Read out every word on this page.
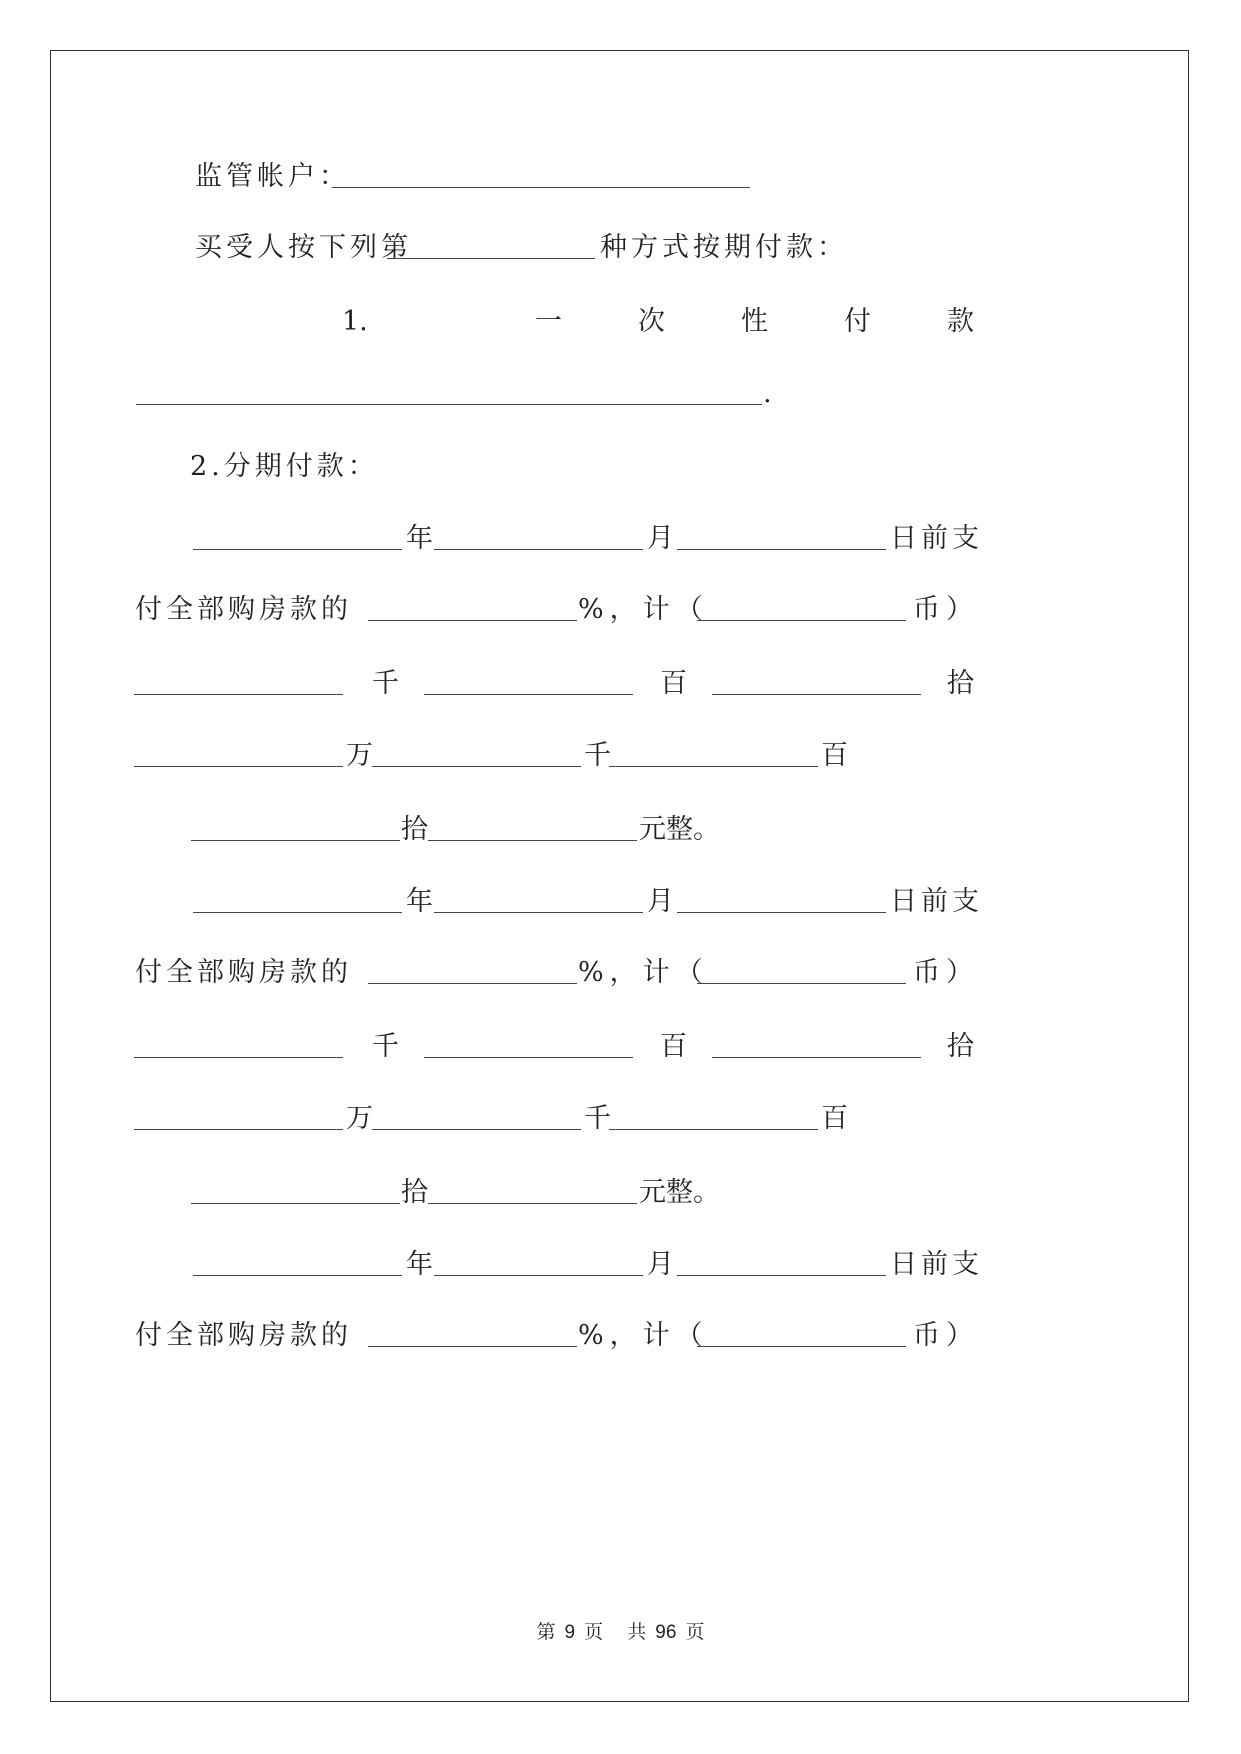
监管帐户：
买受人按下列第	种方式按期付款：
1.	一	次	性	付	款
.
2.分期付款：
年	月	日前支
付全部购房款的	%，计（	币）
千	百	拾
万	千	百
拾	元整。
年	月	日前支
付全部购房款的	%，计（	币）
千	百	拾
万	千	百
拾	元整。
年	月	日前支
付全部购房款的	%，计（	币）
第 9 页 共 96 页
